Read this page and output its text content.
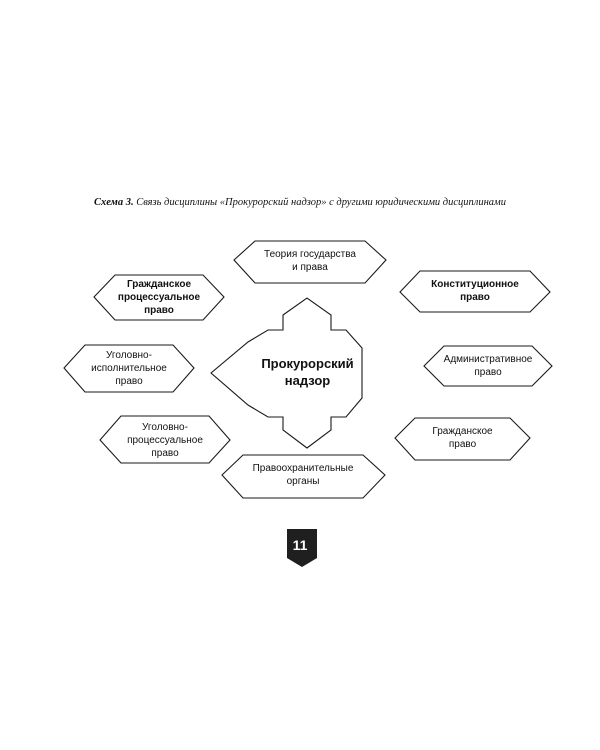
Схема 3. Связь дисциплины «Прокурорский надзор» с другими юридическими дисциплинами
Прокурорский
надзор
Теория государства
и права
Гражданское
процессуальное
право
Конституционное
право
Уголовно-
исполнительное
право
Административное
право
Уголовно-
процессуальное
право
Гражданское
право
Правоохранительные
органы
11
